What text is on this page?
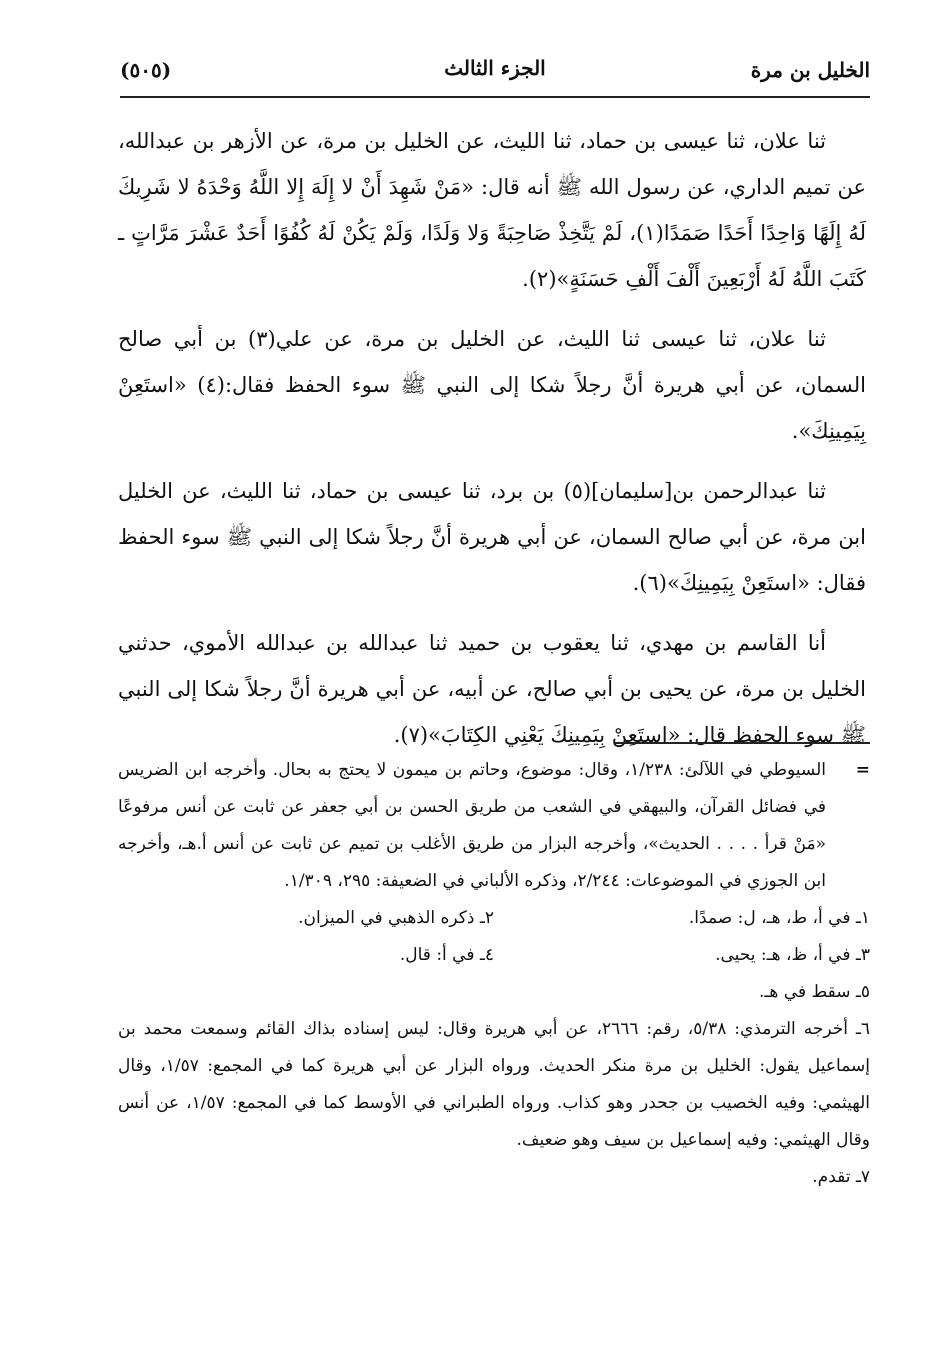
الخليل بن مرة
الجزء الثالث
(٥٠٥)

ثنا علان، ثنا عيسى بن حماد، ثنا الليث، عن الخليل بن مرة، عن الأزهر بن عبدالله، عن تميم الداري، عن رسول الله ﷺ أنه قال: «مَنْ شَهِدَ أَنْ لا إِلَهَ إِلا اللَّهُ وَحْدَهُ لا شَرِيكَ لَهُ إِلَهًا وَاحِدًا أَحَدًا صَمَدًا(١)، لَمْ يَتَّخِذْ صَاحِبَةً وَلا وَلَدًا، وَلَمْ يَكُنْ لَهُ كُفُوًا أَحَدٌ عَشْرَ مَرَّاتٍ ـ كَتَبَ اللَّهُ لَهُ أَرْبَعِينَ أَلْفَ أَلْفِ حَسَنَةٍ»(٢).

ثنا علان، ثنا عيسى ثنا الليث، عن الخليل بن مرة، عن علي(٣) بن أبي صالح السمان، عن أبي هريرة أنَّ رجلاً شكا إلى النبي ﷺ سوء الحفظ فقال:(٤) «استَعِنْ بِيَمِينِكَ».

ثنا عبدالرحمن بن[سليمان](٥) بن برد، ثنا عيسى بن حماد، ثنا الليث، عن الخليل ابن مرة، عن أبي صالح السمان، عن أبي هريرة أنَّ رجلاً شكا إلى النبي ﷺ سوء الحفظ فقال: «استَعِنْ بِيَمِينِكَ»(٦).

أنا القاسم بن مهدي، ثنا يعقوب بن حميد ثنا عبدالله بن عبدالله الأموي، حدثني الخليل بن مرة، عن يحيى بن أبي صالح، عن أبيه، عن أبي هريرة أنَّ رجلاً شكا إلى النبي ﷺ سوء الحفظ قال: «استَعِنْ بِيَمِينِكَ يَعْنِي الكِتَابَ»(٧).

=
السيوطي في اللآلئ: ١/٢٣٨، وقال: موضوع، وحاتم بن ميمون لا يحتج به بحال. وأخرجه ابن الضريس في فضائل القرآن، والبيهقي في الشعب من طريق الحسن بن أبي جعفر عن ثابت عن أنس مرفوعًا «مَنْ قرأ . . . . الحديث»، وأخرجه البزار من طريق الأغلب بن تميم عن ثابت عن أنس أ.هـ، وأخرجه ابن الجوزي في الموضوعات: ٢/٢٤٤، وذكره الألباني في الضعيفة: ٢٩٥، ١/٣٠٩.
١ـ في أ، ط، هـ، ل: صمدًا.
٢ـ ذكره الذهبي في الميزان.
٣ـ في أ، ظ، هـ: يحيى.
٤ـ في أ: قال.
٥ـ سقط في هـ.
٦ـ أخرجه الترمذي: ٥/٣٨، رقم: ٢٦٦٦، عن أبي هريرة وقال: ليس إسناده بذاك القائم وسمعت محمد بن إسماعيل يقول: الخليل بن مرة منكر الحديث. ورواه البزار عن أبي هريرة كما في المجمع: ١/٥٧، وقال الهيثمي: وفيه الخصيب بن جحدر وهو كذاب. ورواه الطبراني في الأوسط كما في المجمع: ١/٥٧، عن أنس وقال الهيثمي: وفيه إسماعيل بن سيف وهو ضعيف.
٧ـ تقدم.
